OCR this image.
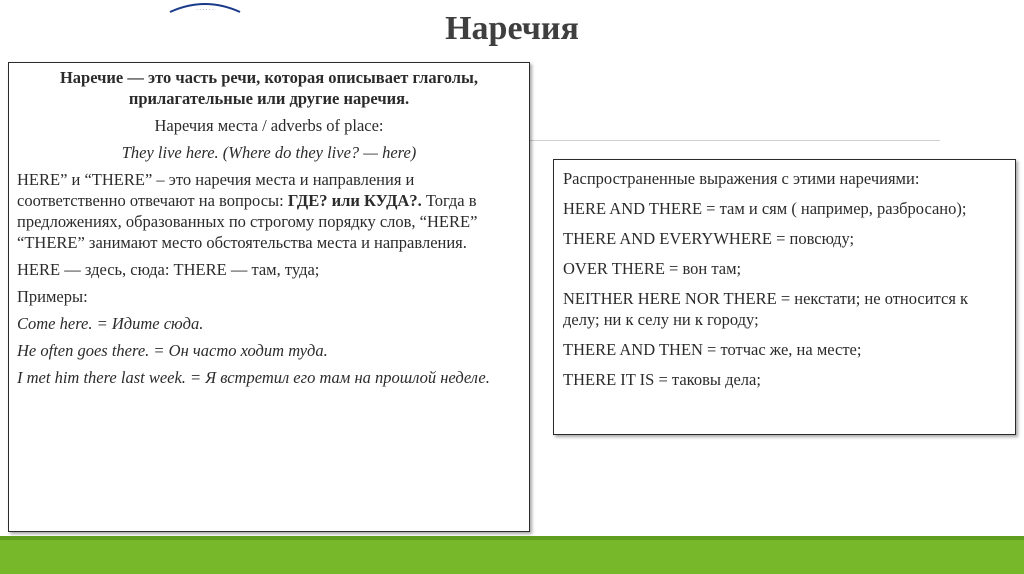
· · · · · ·	Наречия

Наречие — это часть речи, которая описывает глаголы,
прилагательные или другие наречия.

Наречия места / adverbs of place:

They live here. (Where do they live? — here)

HERE” и “THERE” – это наречия места и направления и соответственно отвечают на вопросы: ГДЕ? или КУДА?. Тогда в предложениях, образованных по строгому порядку слов, “HERE” “THERE” занимают место обстоятельства места и направления.

HERE — здесь, сюда: THERE — там, туда;

Примеры:

Come here. = Идите сюда.

He often goes there. = Он часто ходит туда.

I met him there last week. = Я встретил его там на прошлой неделе.

Распространенные выражения с этими наречиями:

HERE AND THERE = там и сям ( например, разбросано);

THERE AND EVERYWHERE = повсюду;

OVER THERE = вон там;

NEITHER HERE NOR THERE = некстати; не относится к делу; ни к селу ни к городу;

THERE AND THEN = тотчас же, на месте;

THERE IT IS = таковы дела;
